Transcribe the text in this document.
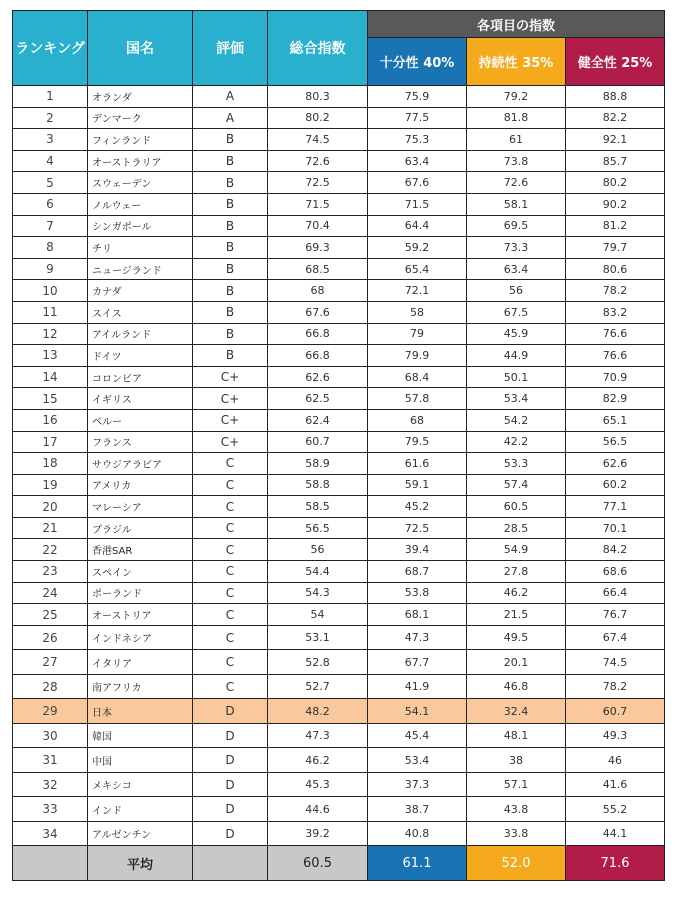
ランキング	国名	評価	総合指数	各項目の指数		
				十分性 40%	持続性 35%	健全性 25%
1	オランダ	A	80.3	75.9	79.2	88.8
2	デンマーク	A	80.2	77.5	81.8	82.2
3	フィンランド	B	74.5	75.3	61	92.1
4	オーストラリア	B	72.6	63.4	73.8	85.7
5	スウェーデン	B	72.5	67.6	72.6	80.2
6	ノルウェー	B	71.5	71.5	58.1	90.2
7	シンガポール	B	70.4	64.4	69.5	81.2
8	チリ	B	69.3	59.2	73.3	79.7
9	ニュージランド	B	68.5	65.4	63.4	80.6
10	カナダ	B	68	72.1	56	78.2
11	スイス	B	67.6	58	67.5	83.2
12	アイルランド	B	66.8	79	45.9	76.6
13	ドイツ	B	66.8	79.9	44.9	76.6
14	コロンビア	C+	62.6	68.4	50.1	70.9
15	イギリス	C+	62.5	57.8	53.4	82.9
16	ペルー	C+	62.4	68	54.2	65.1
17	フランス	C+	60.7	79.5	42.2	56.5
18	サウジアラビア	C	58.9	61.6	53.3	62.6
19	アメリカ	C	58.8	59.1	57.4	60.2
20	マレーシア	C	58.5	45.2	60.5	77.1
21	ブラジル	C	56.5	72.5	28.5	70.1
22	香港SAR	C	56	39.4	54.9	84.2
23	スペイン	C	54.4	68.7	27.8	68.6
24	ポーランド	C	54.3	53.8	46.2	66.4
25	オーストリア	C	54	68.1	21.5	76.7
26	インドネシア	C	53.1	47.3	49.5	67.4
27	イタリア	C	52.8	67.7	20.1	74.5
28	南アフリカ	C	52.7	41.9	46.8	78.2
29	日本	D	48.2	54.1	32.4	60.7
30	韓国	D	47.3	45.4	48.1	49.3
31	中国	D	46.2	53.4	38	46
32	メキシコ	D	45.3	37.3	57.1	41.6
33	インド	D	44.6	38.7	43.8	55.2
34	アルゼンチン	D	39.2	40.8	33.8	44.1
	平均		60.5	61.1	52.0	71.6
